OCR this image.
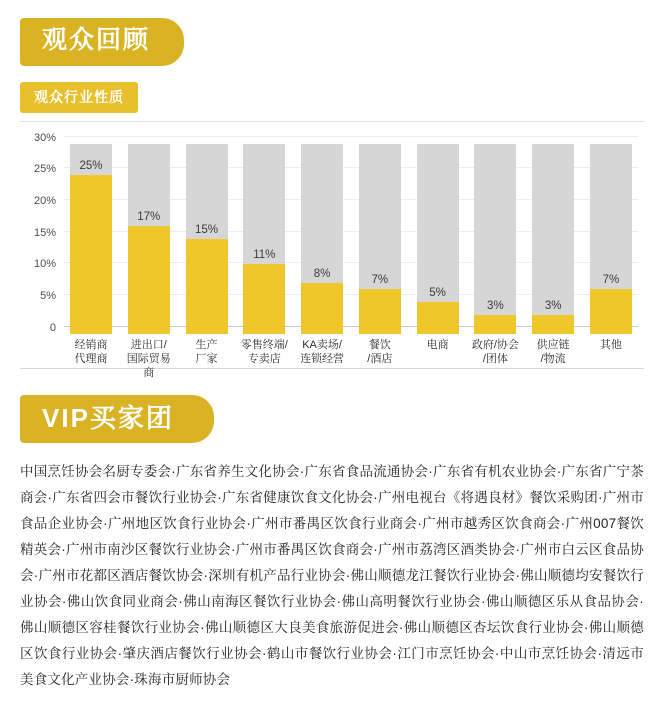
观众回顾
观众行业性质
0
5%
10%
15%
20%
25%
30%
25%
17%
15%
11%
8%
7%
5%
3%	3%
7%
经销商
代理商
进出口/
国际贸易商
生产
厂家
零售终端/
专卖店
KA卖场/
连锁经营
餐饮
/酒店
电商	政府/协会
/团体
供应链
/物流
其他
VIP买家团
中国烹饪协会名厨专委会·广东省养生文化协会·广东省食品流通协会·广东省有机农业协会·广东省广宁茶商会·广东省四会市餐饮行业协会·广东省健康饮食文化协会·广州电视台《将遇良材》餐饮采购团·广州市食品企业协会·广州地区饮食行业协会·广州市番禺区饮食行业商会·广州市越秀区饮食商会·广州007餐饮精英会·广州市南沙区餐饮行业协会·广州市番禺区饮食商会·广州市荔湾区酒类协会·广州市白云区食品协会·广州市花都区酒店餐饮协会·深圳有机产品行业协会·佛山顺德龙江餐饮行业协会·佛山顺德均安餐饮行业协会·佛山饮食同业商会·佛山南海区餐饮行业协会·佛山高明餐饮行业协会·佛山顺德区乐从食品协会·佛山顺德区容桂餐饮行业协会·佛山顺德区大良美食旅游促进会·佛山顺德区杏坛饮食行业协会·佛山顺德区饮食行业协会·肇庆酒店餐饮行业协会·鹤山市餐饮行业协会·江门市烹饪协会·中山市烹饪协会·清远市美食文化产业协会·珠海市厨师协会
